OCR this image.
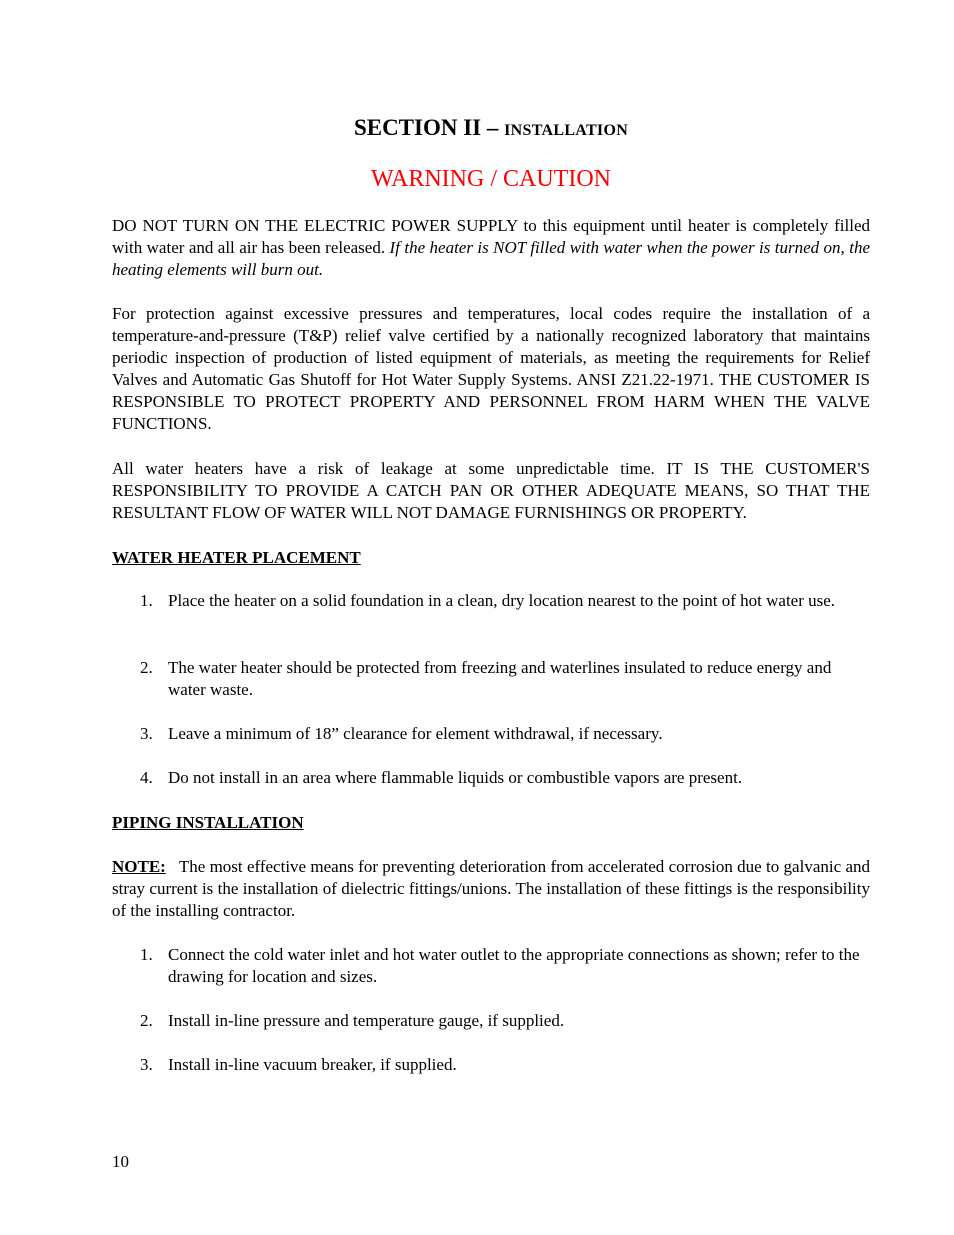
SECTION II – INSTALLATION
WARNING / CAUTION
DO NOT TURN ON THE ELECTRIC POWER SUPPLY to this equipment until heater is completely filled with water and all air has been released. If the heater is NOT filled with water when the power is turned on, the heating elements will burn out.
For protection against excessive pressures and temperatures, local codes require the installation of a temperature-and-pressure (T&P) relief valve certified by a nationally recognized laboratory that maintains periodic inspection of production of listed equipment of materials, as meeting the requirements for Relief Valves and Automatic Gas Shutoff for Hot Water Supply Systems. ANSI Z21.22-1971. THE CUSTOMER IS RESPONSIBLE TO PROTECT PROPERTY AND PERSONNEL FROM HARM WHEN THE VALVE FUNCTIONS.
All water heaters have a risk of leakage at some unpredictable time. IT IS THE CUSTOMER'S RESPONSIBILITY TO PROVIDE A CATCH PAN OR OTHER ADEQUATE MEANS, SO THAT THE RESULTANT FLOW OF WATER WILL NOT DAMAGE FURNISHINGS OR PROPERTY.
WATER HEATER PLACEMENT
1. Place the heater on a solid foundation in a clean, dry location nearest to the point of hot water use.
2. The water heater should be protected from freezing and waterlines insulated to reduce energy and water waste.
3. Leave a minimum of 18” clearance for element withdrawal, if necessary.
4. Do not install in an area where flammable liquids or combustible vapors are present.
PIPING INSTALLATION
NOTE: The most effective means for preventing deterioration from accelerated corrosion due to galvanic and stray current is the installation of dielectric fittings/unions. The installation of these fittings is the responsibility of the installing contractor.
1. Connect the cold water inlet and hot water outlet to the appropriate connections as shown; refer to the drawing for location and sizes.
2. Install in-line pressure and temperature gauge, if supplied.
3. Install in-line vacuum breaker, if supplied.
10
